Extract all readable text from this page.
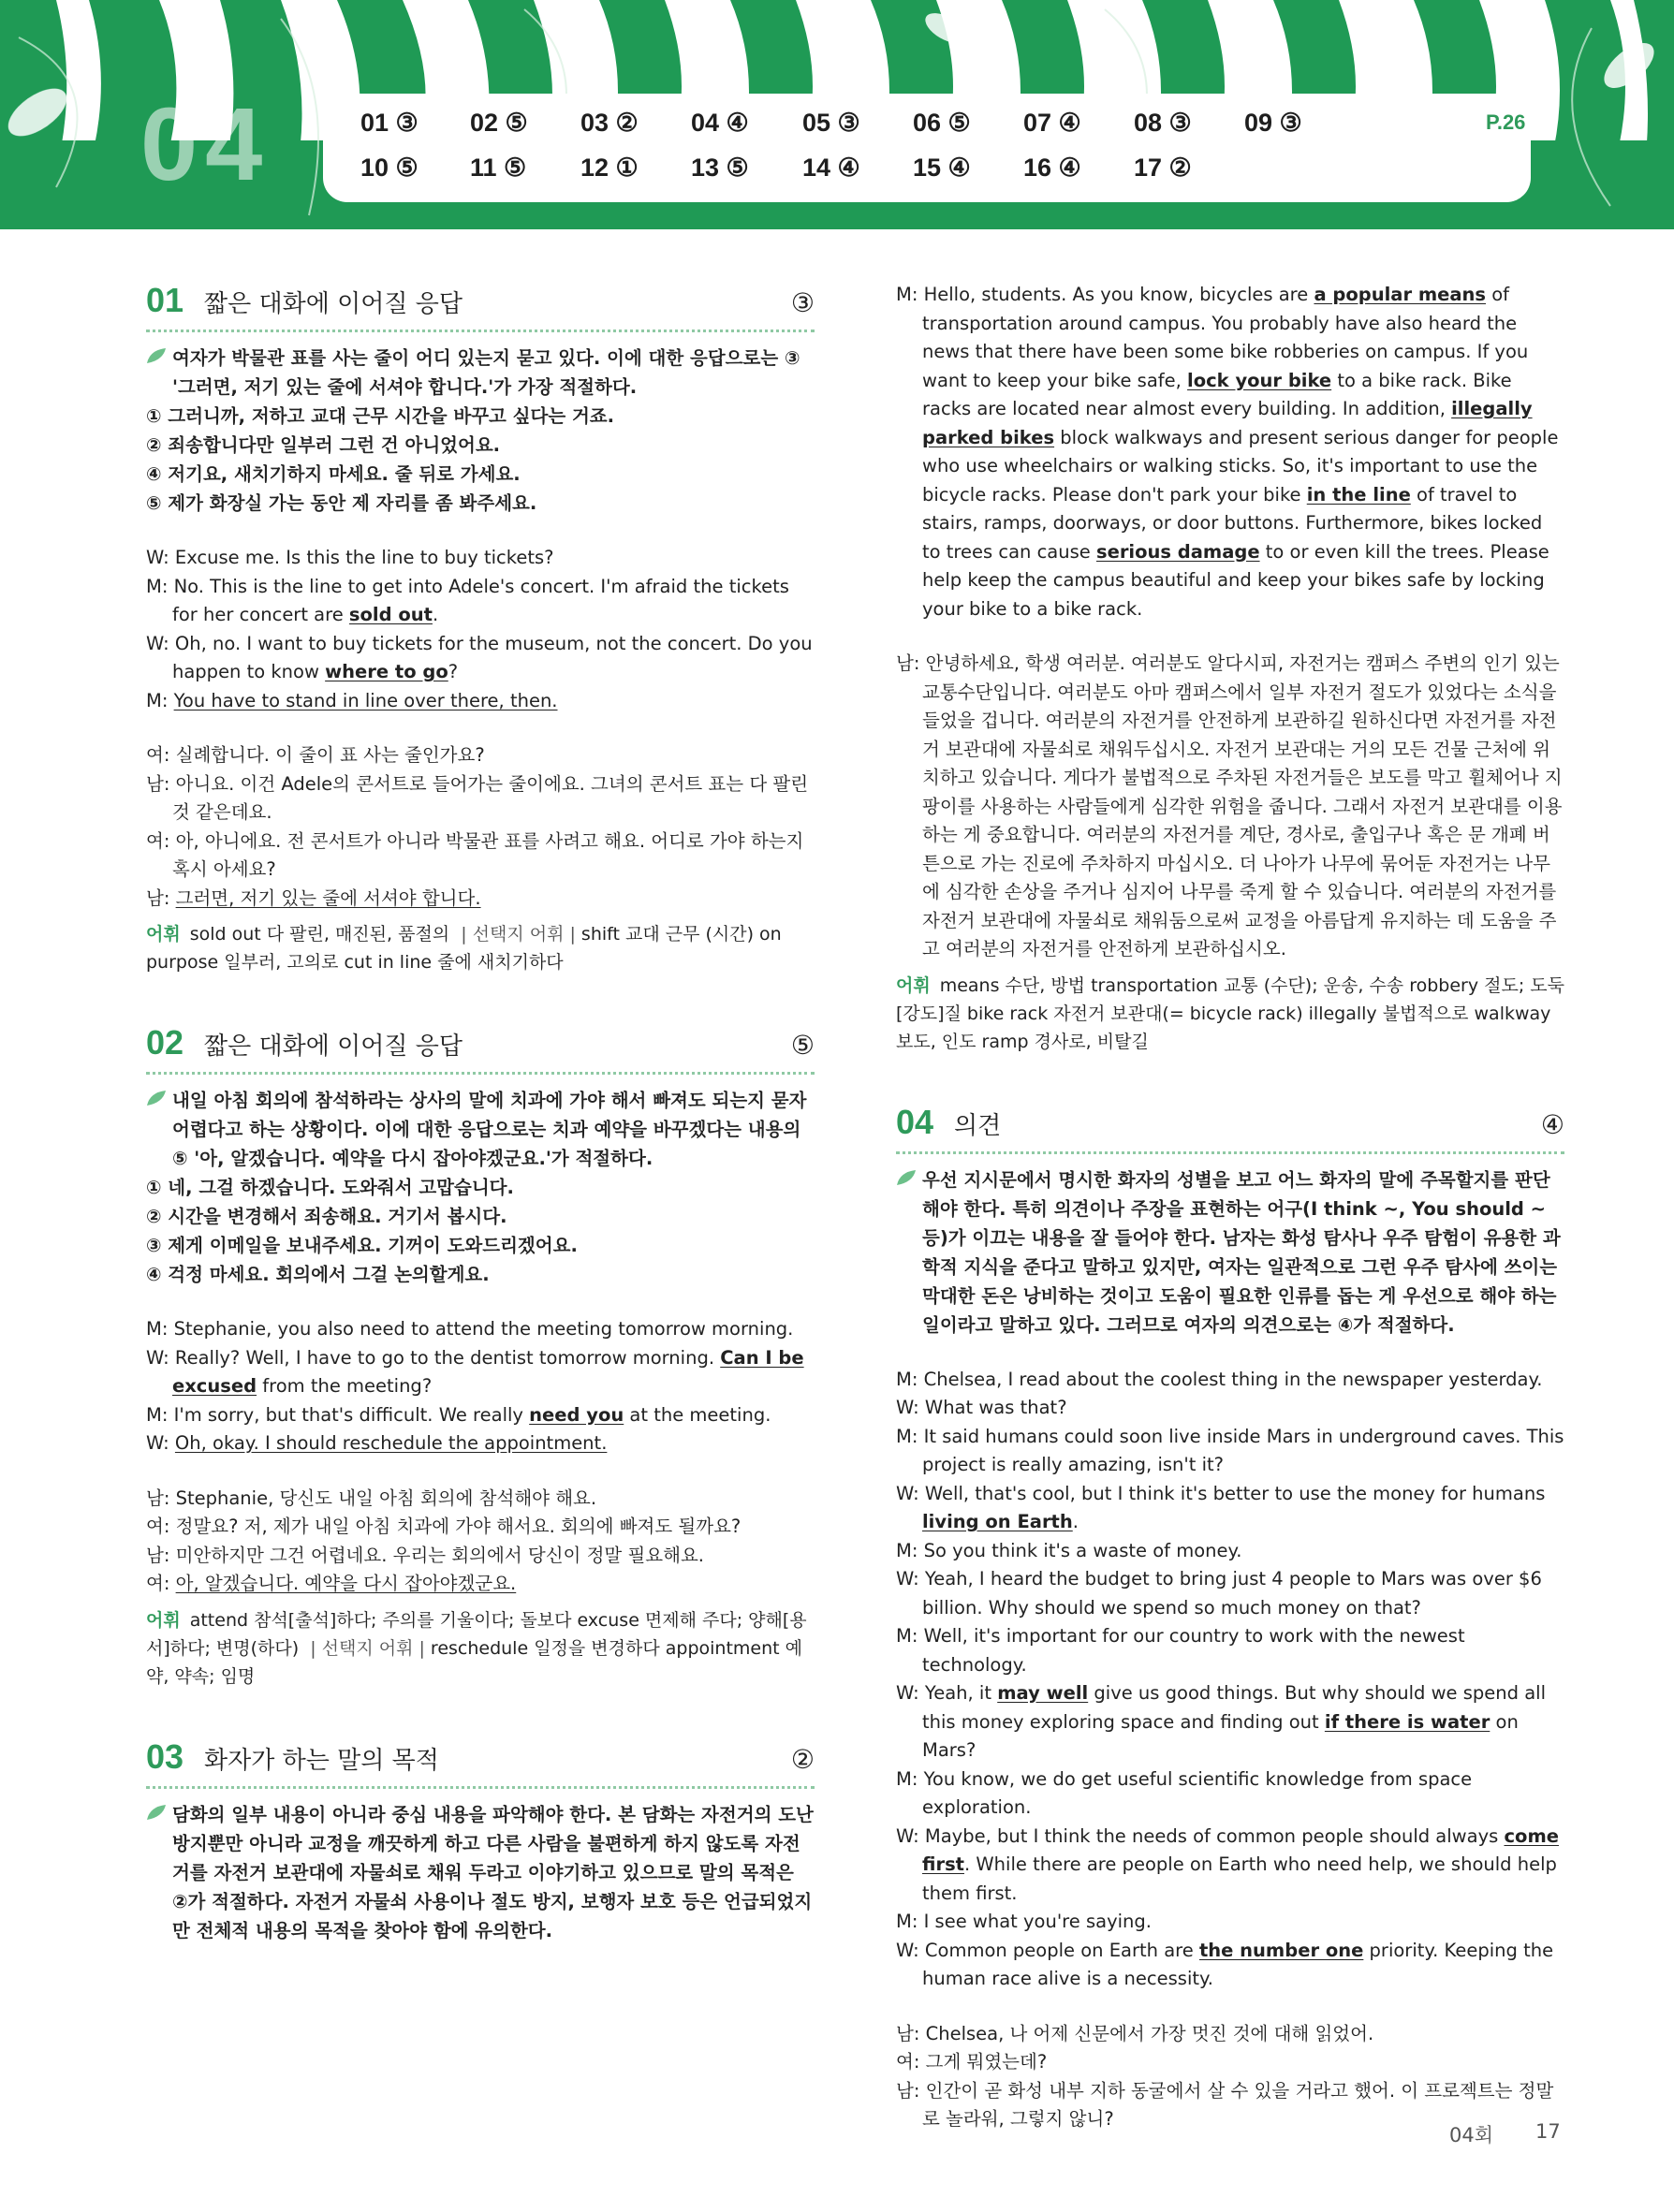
04	P.26
01 ③ 02 ⑤ 03 ② 04 ④ 05 ③ 06 ⑤ 07 ④ 08 ③ 09 ③
10 ⑤ 11 ⑤ 12 ① 13 ⑤ 14 ④ 15 ④ 16 ④ 17 ②
01 짧은 대화에 이어질 응답	③
여자가 박물관 표를 사는 줄이 어디 있는지 묻고 있다. 이에 대한 응답으로는 ③ '그러면, 저기 있는 줄에 서셔야 합니다.'가 가장 적절하다.
① 그러니까, 저하고 교대 근무 시간을 바꾸고 싶다는 거죠.
② 죄송합니다만 일부러 그런 건 아니었어요.
④ 저기요, 새치기하지 마세요. 줄 뒤로 가세요.
⑤ 제가 화장실 가는 동안 제 자리를 좀 봐주세요.

W: Excuse me. Is this the line to buy tickets?

M: No. This is the line to get into Adele's concert. I'm afraid the tickets for her concert are sold out.

W: Oh, no. I want to buy tickets for the museum, not the concert. Do you happen to know where to go?

M: You have to stand in line over there, then.

여: 실례합니다. 이 줄이 표 사는 줄인가요?

남: 아니요. 이건 Adele의 콘서트로 들어가는 줄이에요. 그녀의 콘서트 표는 다 팔린 것 같은데요.

여: 아, 아니에요. 전 콘서트가 아니라 박물관 표를 사려고 해요. 어디로 가야 하는지 혹시 아세요?

남: 그러면, 저기 있는 줄에 서셔야 합니다.

어휘 sold out 다 팔린, 매진된, 품절의 | 선택지 어휘 | shift 교대 근무 (시간) on purpose 일부러, 고의로 cut in line 줄에 새치기하다
02 짧은 대화에 이어질 응답	⑤
내일 아침 회의에 참석하라는 상사의 말에 치과에 가야 해서 빠져도 되는지 묻자 어렵다고 하는 상황이다. 이에 대한 응답으로는 치과 예약을 바꾸겠다는 내용의 ⑤ '아, 알겠습니다. 예약을 다시 잡아야겠군요.'가 적절하다.
① 네, 그걸 하겠습니다. 도와줘서 고맙습니다.
② 시간을 변경해서 죄송해요. 거기서 봅시다.
③ 제게 이메일을 보내주세요. 기꺼이 도와드리겠어요.
④ 걱정 마세요. 회의에서 그걸 논의할게요.

M: Stephanie, you also need to attend the meeting tomorrow morning.

W: Really? Well, I have to go to the dentist tomorrow morning. Can I be excused from the meeting?

M: I'm sorry, but that's difficult. We really need you at the meeting.

W: Oh, okay. I should reschedule the appointment.

남: Stephanie, 당신도 내일 아침 회의에 참석해야 해요.

여: 정말요? 저, 제가 내일 아침 치과에 가야 해서요. 회의에 빠져도 될까요?

남: 미안하지만 그건 어렵네요. 우리는 회의에서 당신이 정말 필요해요.

여: 아, 알겠습니다. 예약을 다시 잡아야겠군요.

어휘 attend 참석[출석]하다; 주의를 기울이다; 돌보다 excuse 면제해 주다; 양해[용서]하다; 변명(하다) | 선택지 어휘 | reschedule 일정을 변경하다 appointment 예약, 약속; 임명
03 화자가 하는 말의 목적	②
담화의 일부 내용이 아니라 중심 내용을 파악해야 한다. 본 담화는 자전거의 도난 방지뿐만 아니라 교정을 깨끗하게 하고 다른 사람을 불편하게 하지 않도록 자전거를 자전거 보관대에 자물쇠로 채워 두라고 이야기하고 있으므로 말의 목적은 ②가 적절하다. 자전거 자물쇠 사용이나 절도 방지, 보행자 보호 등은 언급되었지만 전체적 내용의 목적을 찾아야 함에 유의한다.

M: Hello, students. As you know, bicycles are a popular means of transportation around campus. You probably have also heard the news that there have been some bike robberies on campus. If you want to keep your bike safe, lock your bike to a bike rack. Bike racks are located near almost every building. In addition, illegally parked bikes block walkways and present serious danger for people who use wheelchairs or walking sticks. So, it's important to use the bicycle racks. Please don't park your bike in the line of travel to stairs, ramps, doorways, or door buttons. Furthermore, bikes locked to trees can cause serious damage to or even kill the trees. Please help keep the campus beautiful and keep your bikes safe by locking your bike to a bike rack.

남: 안녕하세요, 학생 여러분. 여러분도 알다시피, 자전거는 캠퍼스 주변의 인기 있는 교통수단입니다. 여러분도 아마 캠퍼스에서 일부 자전거 절도가 있었다는 소식을 들었을 겁니다. 여러분의 자전거를 안전하게 보관하길 원하신다면 자전거를 자전거 보관대에 자물쇠로 채워두십시오. 자전거 보관대는 거의 모든 건물 근처에 위치하고 있습니다. 게다가 불법적으로 주차된 자전거들은 보도를 막고 휠체어나 지팡이를 사용하는 사람들에게 심각한 위험을 줍니다. 그래서 자전거 보관대를 이용하는 게 중요합니다. 여러분의 자전거를 계단, 경사로, 출입구나 혹은 문 개폐 버튼으로 가는 진로에 주차하지 마십시오. 더 나아가 나무에 묶어둔 자전거는 나무에 심각한 손상을 주거나 심지어 나무를 죽게 할 수 있습니다. 여러분의 자전거를 자전거 보관대에 자물쇠로 채워둠으로써 교정을 아름답게 유지하는 데 도움을 주고 여러분의 자전거를 안전하게 보관하십시오.

어휘 means 수단, 방법 transportation 교통 (수단); 운송, 수송 robbery 절도; 도둑[강도]질 bike rack 자전거 보관대(= bicycle rack) illegally 불법적으로 walkway 보도, 인도 ramp 경사로, 비탈길
04 의견	④
우선 지시문에서 명시한 화자의 성별을 보고 어느 화자의 말에 주목할지를 판단해야 한다. 특히 의견이나 주장을 표현하는 어구(I think ~, You should ~ 등)가 이끄는 내용을 잘 들어야 한다. 남자는 화성 탐사나 우주 탐험이 유용한 과학적 지식을 준다고 말하고 있지만, 여자는 일관적으로 그런 우주 탐사에 쓰이는 막대한 돈은 낭비하는 것이고 도움이 필요한 인류를 돕는 게 우선으로 해야 하는 일이라고 말하고 있다. 그러므로 여자의 의견으로는 ④가 적절하다.

M: Chelsea, I read about the coolest thing in the newspaper yesterday.

W: What was that?

M: It said humans could soon live inside Mars in underground caves. This project is really amazing, isn't it?

W: Well, that's cool, but I think it's better to use the money for humans living on Earth.

M: So you think it's a waste of money.

W: Yeah, I heard the budget to bring just 4 people to Mars was over $6 billion. Why should we spend so much money on that?

M: Well, it's important for our country to work with the newest technology.

W: Yeah, it may well give us good things. But why should we spend all this money exploring space and finding out if there is water on Mars?

M: You know, we do get useful scientific knowledge from space exploration.

W: Maybe, but I think the needs of common people should always come first. While there are people on Earth who need help, we should help them first.

M: I see what you're saying.

W: Common people on Earth are the number one priority. Keeping the human race alive is a necessity.

남: Chelsea, 나 어제 신문에서 가장 멋진 것에 대해 읽었어.

여: 그게 뭐였는데?

남: 인간이 곧 화성 내부 지하 동굴에서 살 수 있을 거라고 했어. 이 프로젝트는 정말로 놀라워, 그렇지 않니?

04회 17
